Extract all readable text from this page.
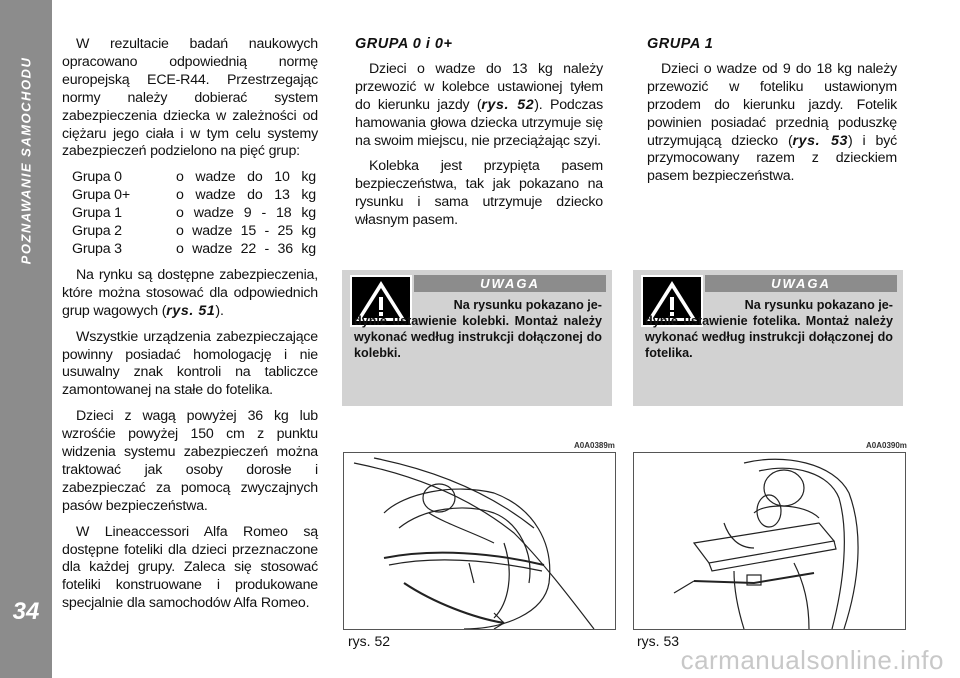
POZNAWANIE SAMOCHODU
34

W rezultacie badań naukowych opracowano odpowiednią normę europejską ECE-R44. Przestrzegając normy należy dobierać system zabezpieczenia dziecka w zależności od ciężaru jego ciała i w tym celu systemy zabezpieczeń podzielono na pięć grup:

Grupa 0	o wadze do 10 kg
Grupa 0+	o wadze do 13 kg
Grupa 1	o wadze 9 - 18 kg
Grupa 2	o wadze 15 - 25 kg
Grupa 3	o wadze 22 - 36 kg

Na rynku są dostępne zabezpieczenia, które można stosować dla odpowiednich grup wagowych (rys. 51).

Wszystkie urządzenia zabezpieczające powinny posiadać homologację i nie usuwalny znak kontroli na tabliczce zamontowanej na stałe do fotelika.

Dzieci z wagą powyżej 36 kg lub wzrośćie powyżej 150 cm z punktu widzenia systemu zabezpieczeń można traktować jak osoby dorosłe i zabezpieczać za pomocą zwyczajnych pasów bezpieczeństwa.

W Lineaccessori Alfa Romeo są dostępne foteliki dla dzieci przeznaczone dla każdej grupy. Zaleca się stosować foteliki konstruowane i produkowane specjalnie dla samochodów Alfa Romeo.

GRUPA 0 i 0+

Dzieci o wadze do 13 kg należy przewozić w kolebce ustawionej tyłem do kierunku jazdy (rys. 52). Podczas hamowania głowa dziecka utrzymuje się na swoim miejscu, nie przeciążając szyi.

Kolebka jest przypięta pasem bezpieczeństwa, tak jak pokazano na rysunku i sama utrzymuje dziecko własnym pasem.

GRUPA 1

Dzieci o wadze od 9 do 18 kg należy przewozić w foteliku ustawionym przodem do kierunku jazdy. Fotelik powinien posiadać przednią poduszkę utrzymującą dziecko (rys. 53) i być przymocowany razem z dzieckiem pasem bezpieczeństwa.

UWAGA
Na rysunku pokazano je-
dynie ustawienie kolebki. Montaż należy wykonać według instrukcji dołączonej do kolebki.
UWAGA
Na rysunku pokazano je-
dynie ustawienie fotelika. Montaż należy wykonać według instrukcji dołączonej do fotelika.
A0A0389m
rys. 52
A0A0390m
rys. 53
carmanualsonline.info
